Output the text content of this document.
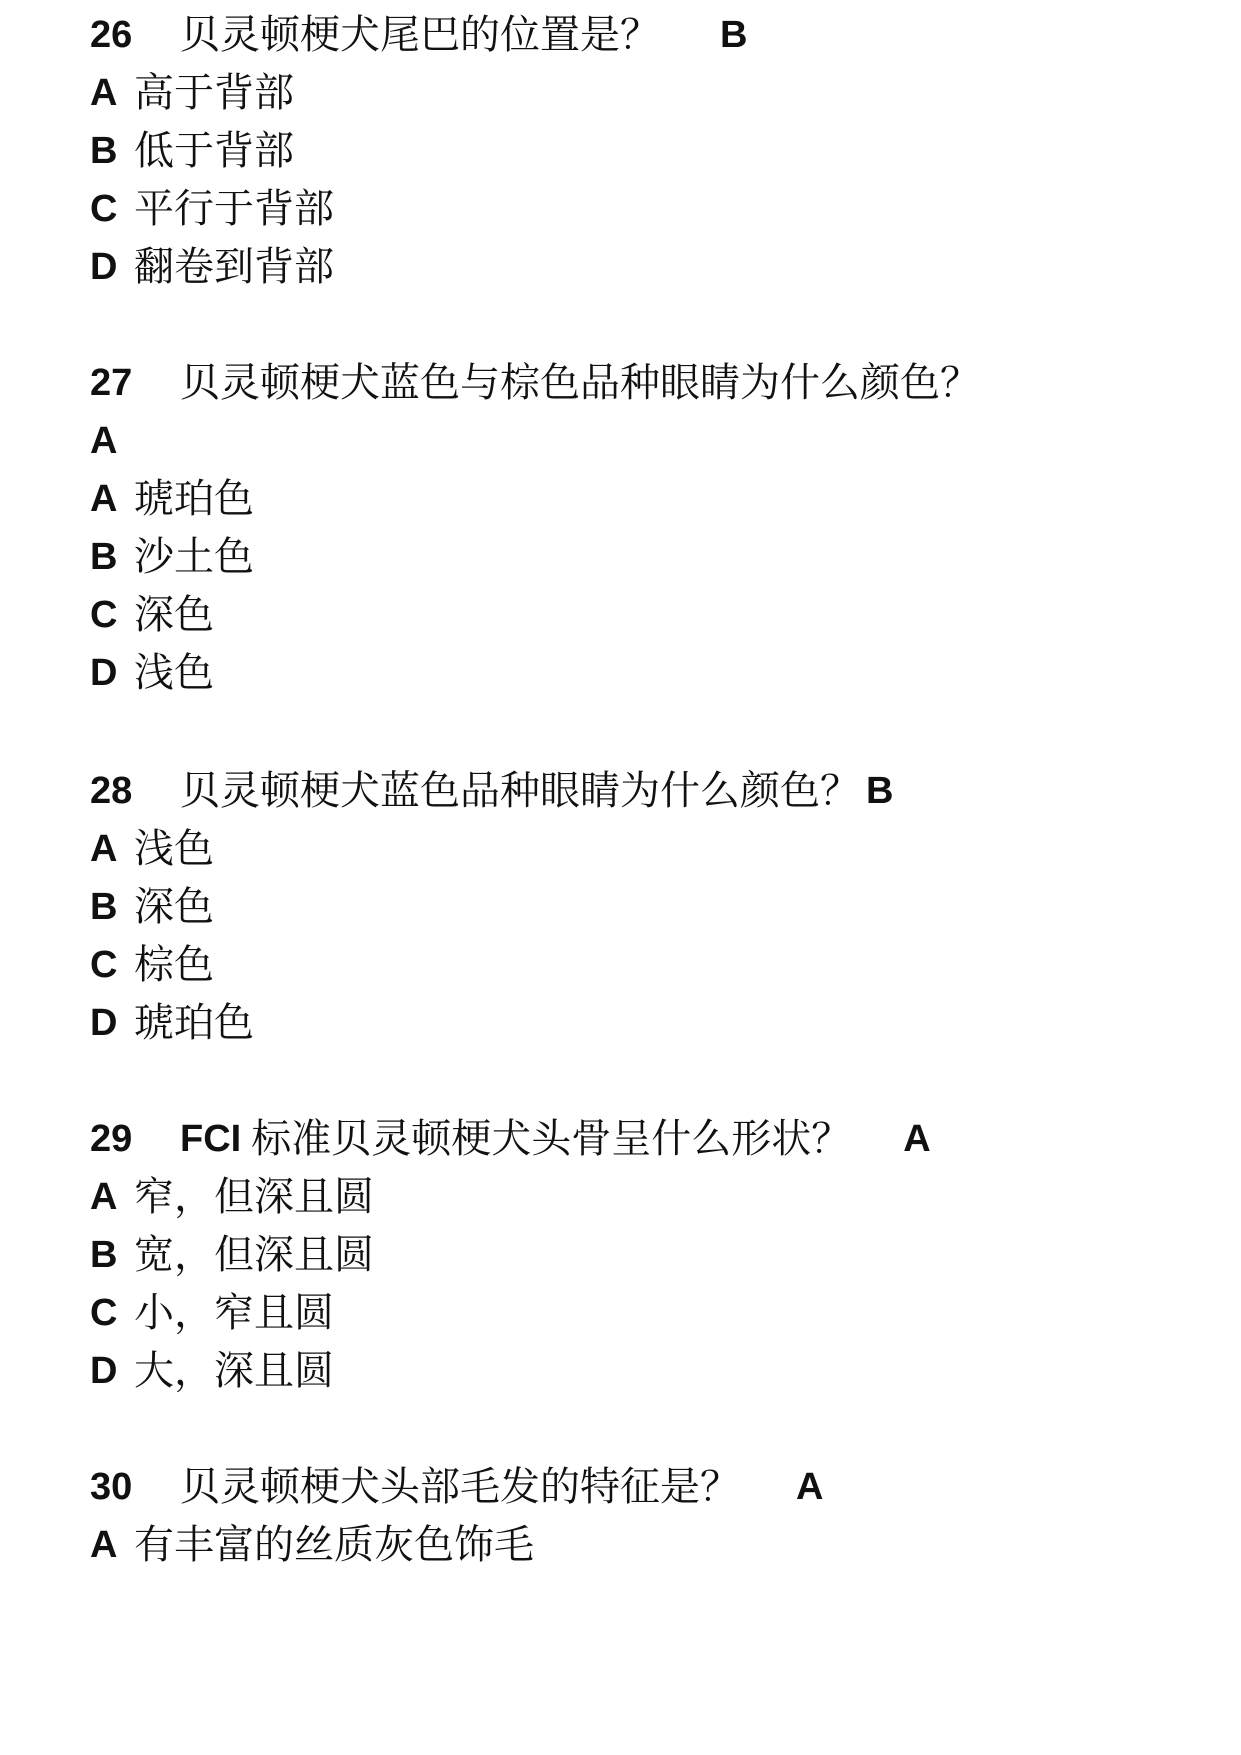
26	贝灵顿梗犬尾巴的位置是？ B
A 高于背部
B 低于背部
C 平行于背部
D 翻卷到背部
27	贝灵顿梗犬蓝色与棕色品种眼睛为什么颜色？
A
A 琥珀色
B 沙土色
C 深色
D 浅色
28	贝灵顿梗犬蓝色品种眼睛为什么颜色？ B
A 浅色
B 深色
C 棕色
D 琥珀色
29	FCI 标准贝灵顿梗犬头骨呈什么形状？ A
A 窄，但深且圆
B 宽，但深且圆
C 小，窄且圆
D 大，深且圆
30	贝灵顿梗犬头部毛发的特征是？ A
A 有丰富的丝质灰色饰毛
